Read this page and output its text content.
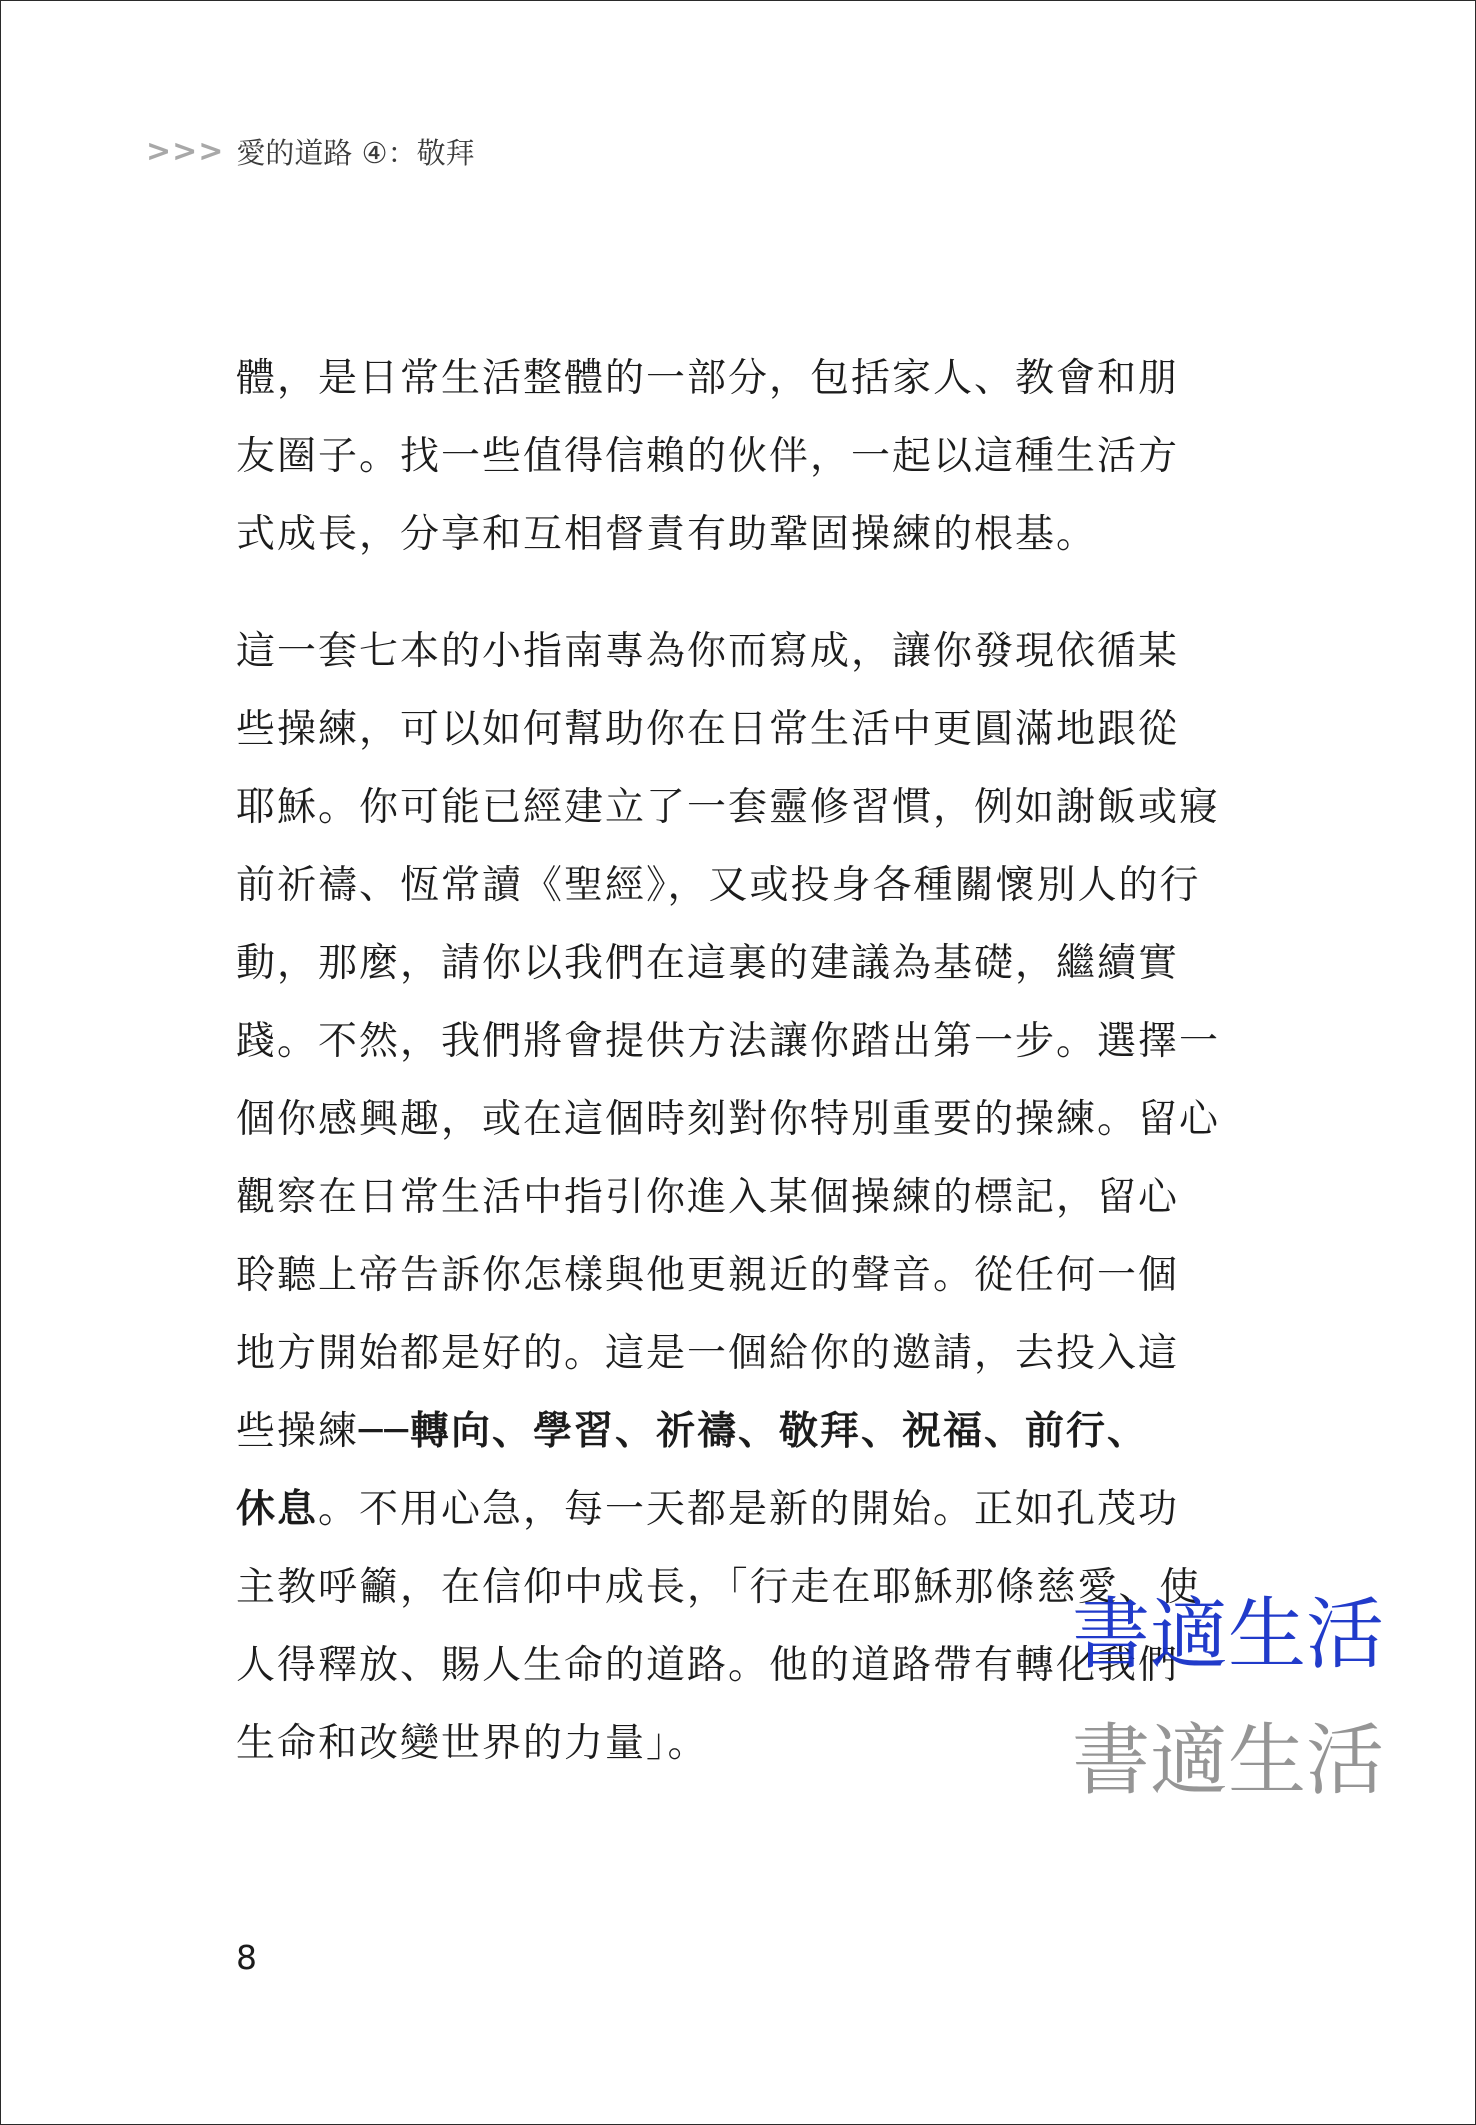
>>> 愛的道路 ④：敬拜
體，是日常生活整體的一部分，包括家人、教會和朋
友圈子。找一些值得信賴的伙伴，一起以這種生活方
式成長，分享和互相督責有助鞏固操練的根基。
這一套七本的小指南專為你而寫成，讓你發現依循某
些操練，可以如何幫助你在日常生活中更圓滿地跟從
耶穌。你可能已經建立了一套靈修習慣，例如謝飯或寢
前祈禱、恆常讀《聖經》，又或投身各種關懷別人的行
動，那麼，請你以我們在這裏的建議為基礎，繼續實
踐。不然，我們將會提供方法讓你踏出第一步。選擇一
個你感興趣，或在這個時刻對你特別重要的操練。留心
觀察在日常生活中指引你進入某個操練的標記，留心
聆聽上帝告訴你怎樣與他更親近的聲音。從任何一個
地方開始都是好的。這是一個給你的邀請，去投入這
些操練──轉向、學習、祈禱、敬拜、祝福、前行、
休息。不用心急，每一天都是新的開始。正如孔茂功
主教呼籲，在信仰中成長，「行走在耶穌那條慈愛、使
人得釋放、賜人生命的道路。他的道路帶有轉化我們
生命和改變世界的力量」。
8
書適生活
書適生活
